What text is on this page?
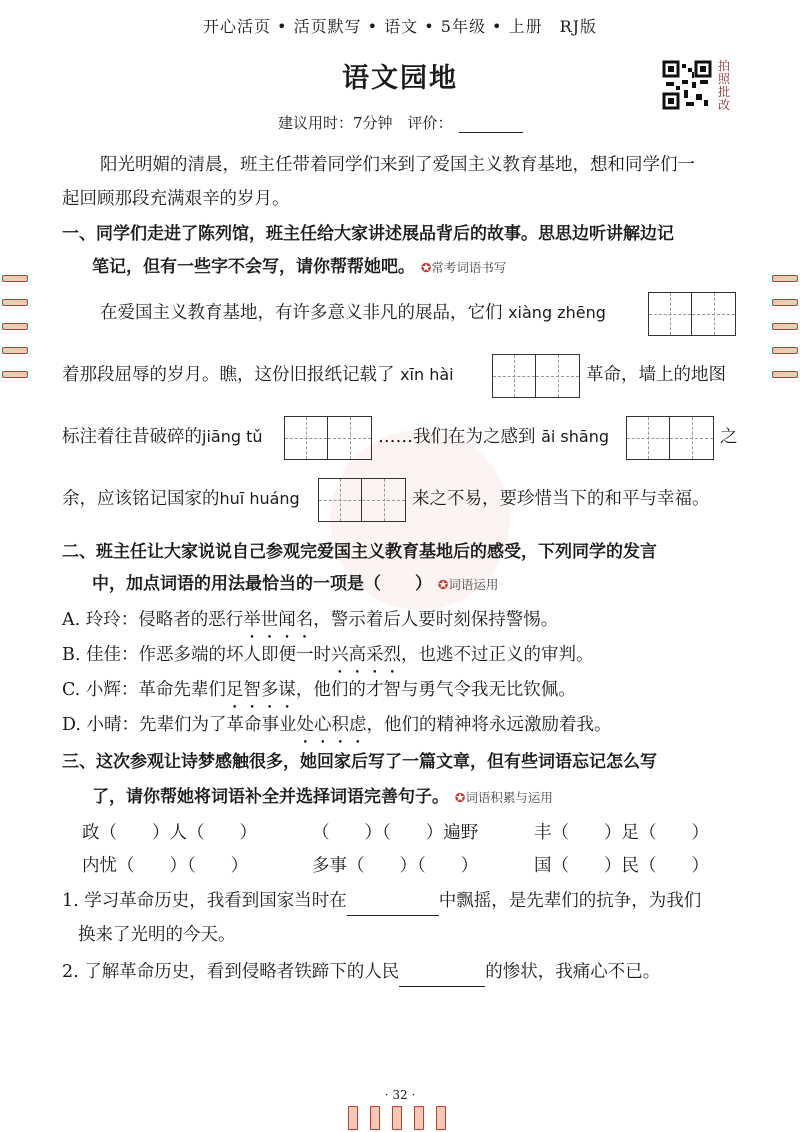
开心活页 • 活页默写 • 语文 • 5年级 • 上册　RJ版
语文园地
建议用时：7分钟　评价：
拍
照
批
改
阳光明媚的清晨，班主任带着同学们来到了爱国主义教育基地，想和同学们一
起回顾那段充满艰辛的岁月。
一、同学们走进了陈列馆，班主任给大家讲述展品背后的故事。思思边听讲解边记
笔记，但有一些字不会写，请你帮帮她吧。 ✪常考词语书写
在爱国主义教育基地，有许多意义非凡的展品，它们 xiàng zhēng
着那段屈辱的岁月。瞧，这份旧报纸记载了 xīn hài	革命，墙上的地图
标注着往昔破碎的jiāng tǔ	……我们在为之感到 āi shāng	之
余，应该铭记国家的huī huáng	来之不易，要珍惜当下的和平与幸福。
二、班主任让大家说说自己参观完爱国主义教育基地后的感受，下列同学的发言
中，加点词语的用法最恰当的一项是（　　） ✪词语运用
A. 玲玲：侵略者的恶行举世闻名，警示着后人要时刻保持警惕。
B. 佳佳：作恶多端的坏人即便一时兴高采烈，也逃不过正义的审判。
C. 小辉：革命先辈们足智多谋，他们的才智与勇气令我无比钦佩。
D. 小晴：先辈们为了革命事业处心积虑，他们的精神将永远激励着我。
三、这次参观让诗梦感触很多，她回家后写了一篇文章，但有些词语忘记怎么写
了，请你帮她将词语补全并选择词语完善句子。 ✪词语积累与运用
政（　　）人（　　）	（　　）（　　）遍野	丰（　　）足（　　）
内忧（　　）（　　）	多事（　　）（　　）	国（　　）民（　　）
1. 学习革命历史，我看到国家当时在	中飘摇，是先辈们的抗争，为我们
换来了光明的今天。
2. 了解革命历史，看到侵略者铁蹄下的人民	的惨状，我痛心不已。
· 32 ·
